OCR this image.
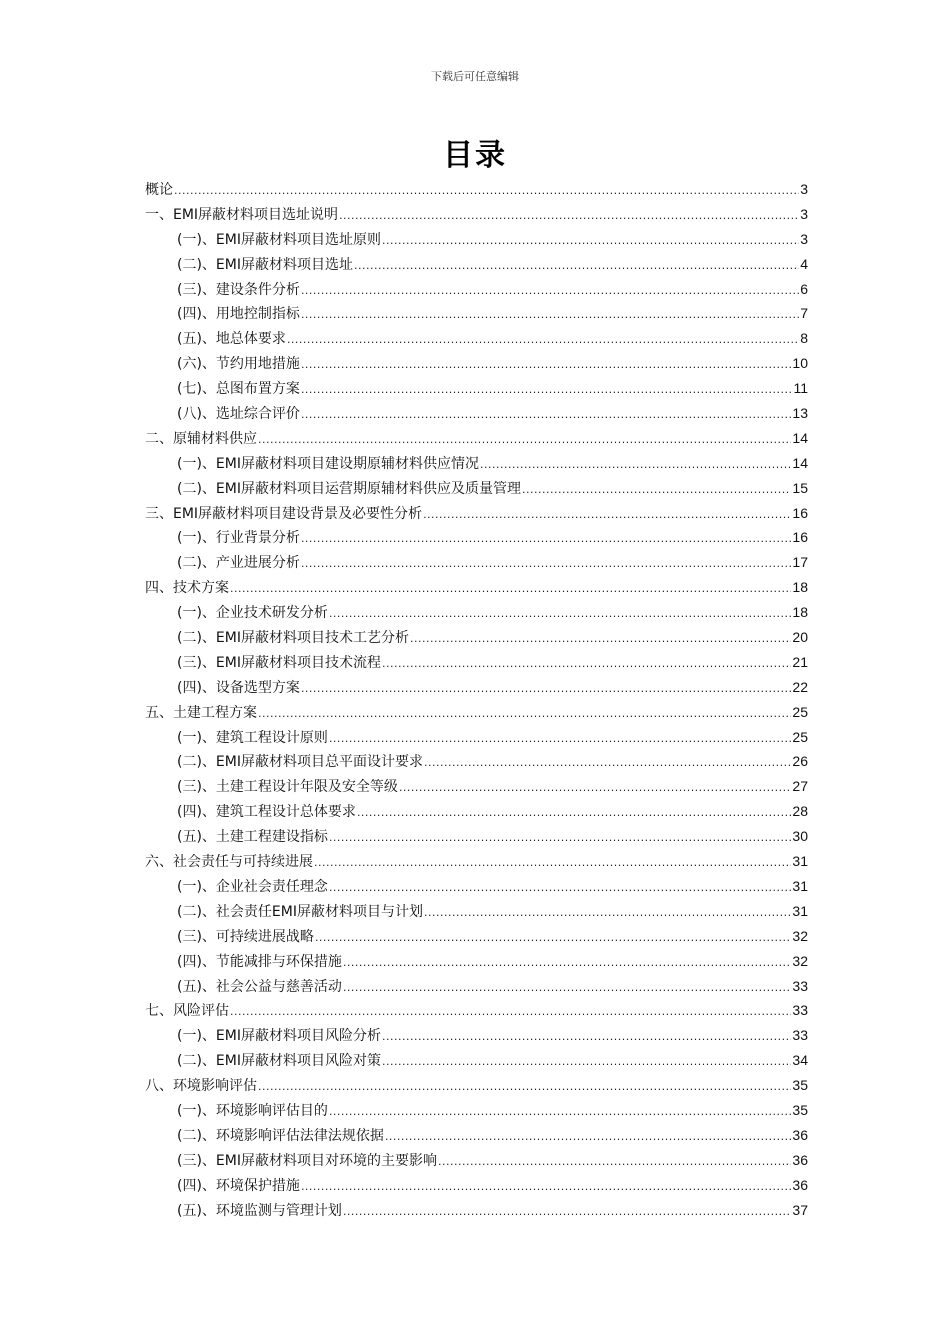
下载后可任意编辑
目录
概论 .....	3
一、EMI屏蔽材料项目选址说明 .....	3
(一)、EMI屏蔽材料项目选址原则 .....	3
(二)、EMI屏蔽材料项目选址 .....	4
(三)、建设条件分析 .....	6
(四)、用地控制指标 .....	7
(五)、地总体要求 .....	8
(六)、节约用地措施 .....	10
(七)、总图布置方案 .....	11
(八)、选址综合评价 .....	13
二、原辅材料供应 .....	14
(一)、EMI屏蔽材料项目建设期原辅材料供应情况 .....	14
(二)、EMI屏蔽材料项目运营期原辅材料供应及质量管理 .....	15
三、EMI屏蔽材料项目建设背景及必要性分析 .....	16
(一)、行业背景分析 .....	16
(二)、产业进展分析 .....	17
四、技术方案 .....	18
(一)、企业技术研发分析 .....	18
(二)、EMI屏蔽材料项目技术工艺分析 .....	20
(三)、EMI屏蔽材料项目技术流程 .....	21
(四)、设备选型方案 .....	22
五、土建工程方案 .....	25
(一)、建筑工程设计原则 .....	25
(二)、EMI屏蔽材料项目总平面设计要求 .....	26
(三)、土建工程设计年限及安全等级 .....	27
(四)、建筑工程设计总体要求 .....	28
(五)、土建工程建设指标 .....	30
六、社会责任与可持续进展 .....	31
(一)、企业社会责任理念 .....	31
(二)、社会责任EMI屏蔽材料项目与计划 .....	31
(三)、可持续进展战略 .....	32
(四)、节能减排与环保措施 .....	32
(五)、社会公益与慈善活动 .....	33
七、风险评估 .....	33
(一)、EMI屏蔽材料项目风险分析 .....	33
(二)、EMI屏蔽材料项目风险对策 .....	34
八、环境影响评估 .....	35
(一)、环境影响评估目的 .....	35
(二)、环境影响评估法律法规依据 .....	36
(三)、EMI屏蔽材料项目对环境的主要影响 .....	36
(四)、环境保护措施 .....	36
(五)、环境监测与管理计划 .....	37
